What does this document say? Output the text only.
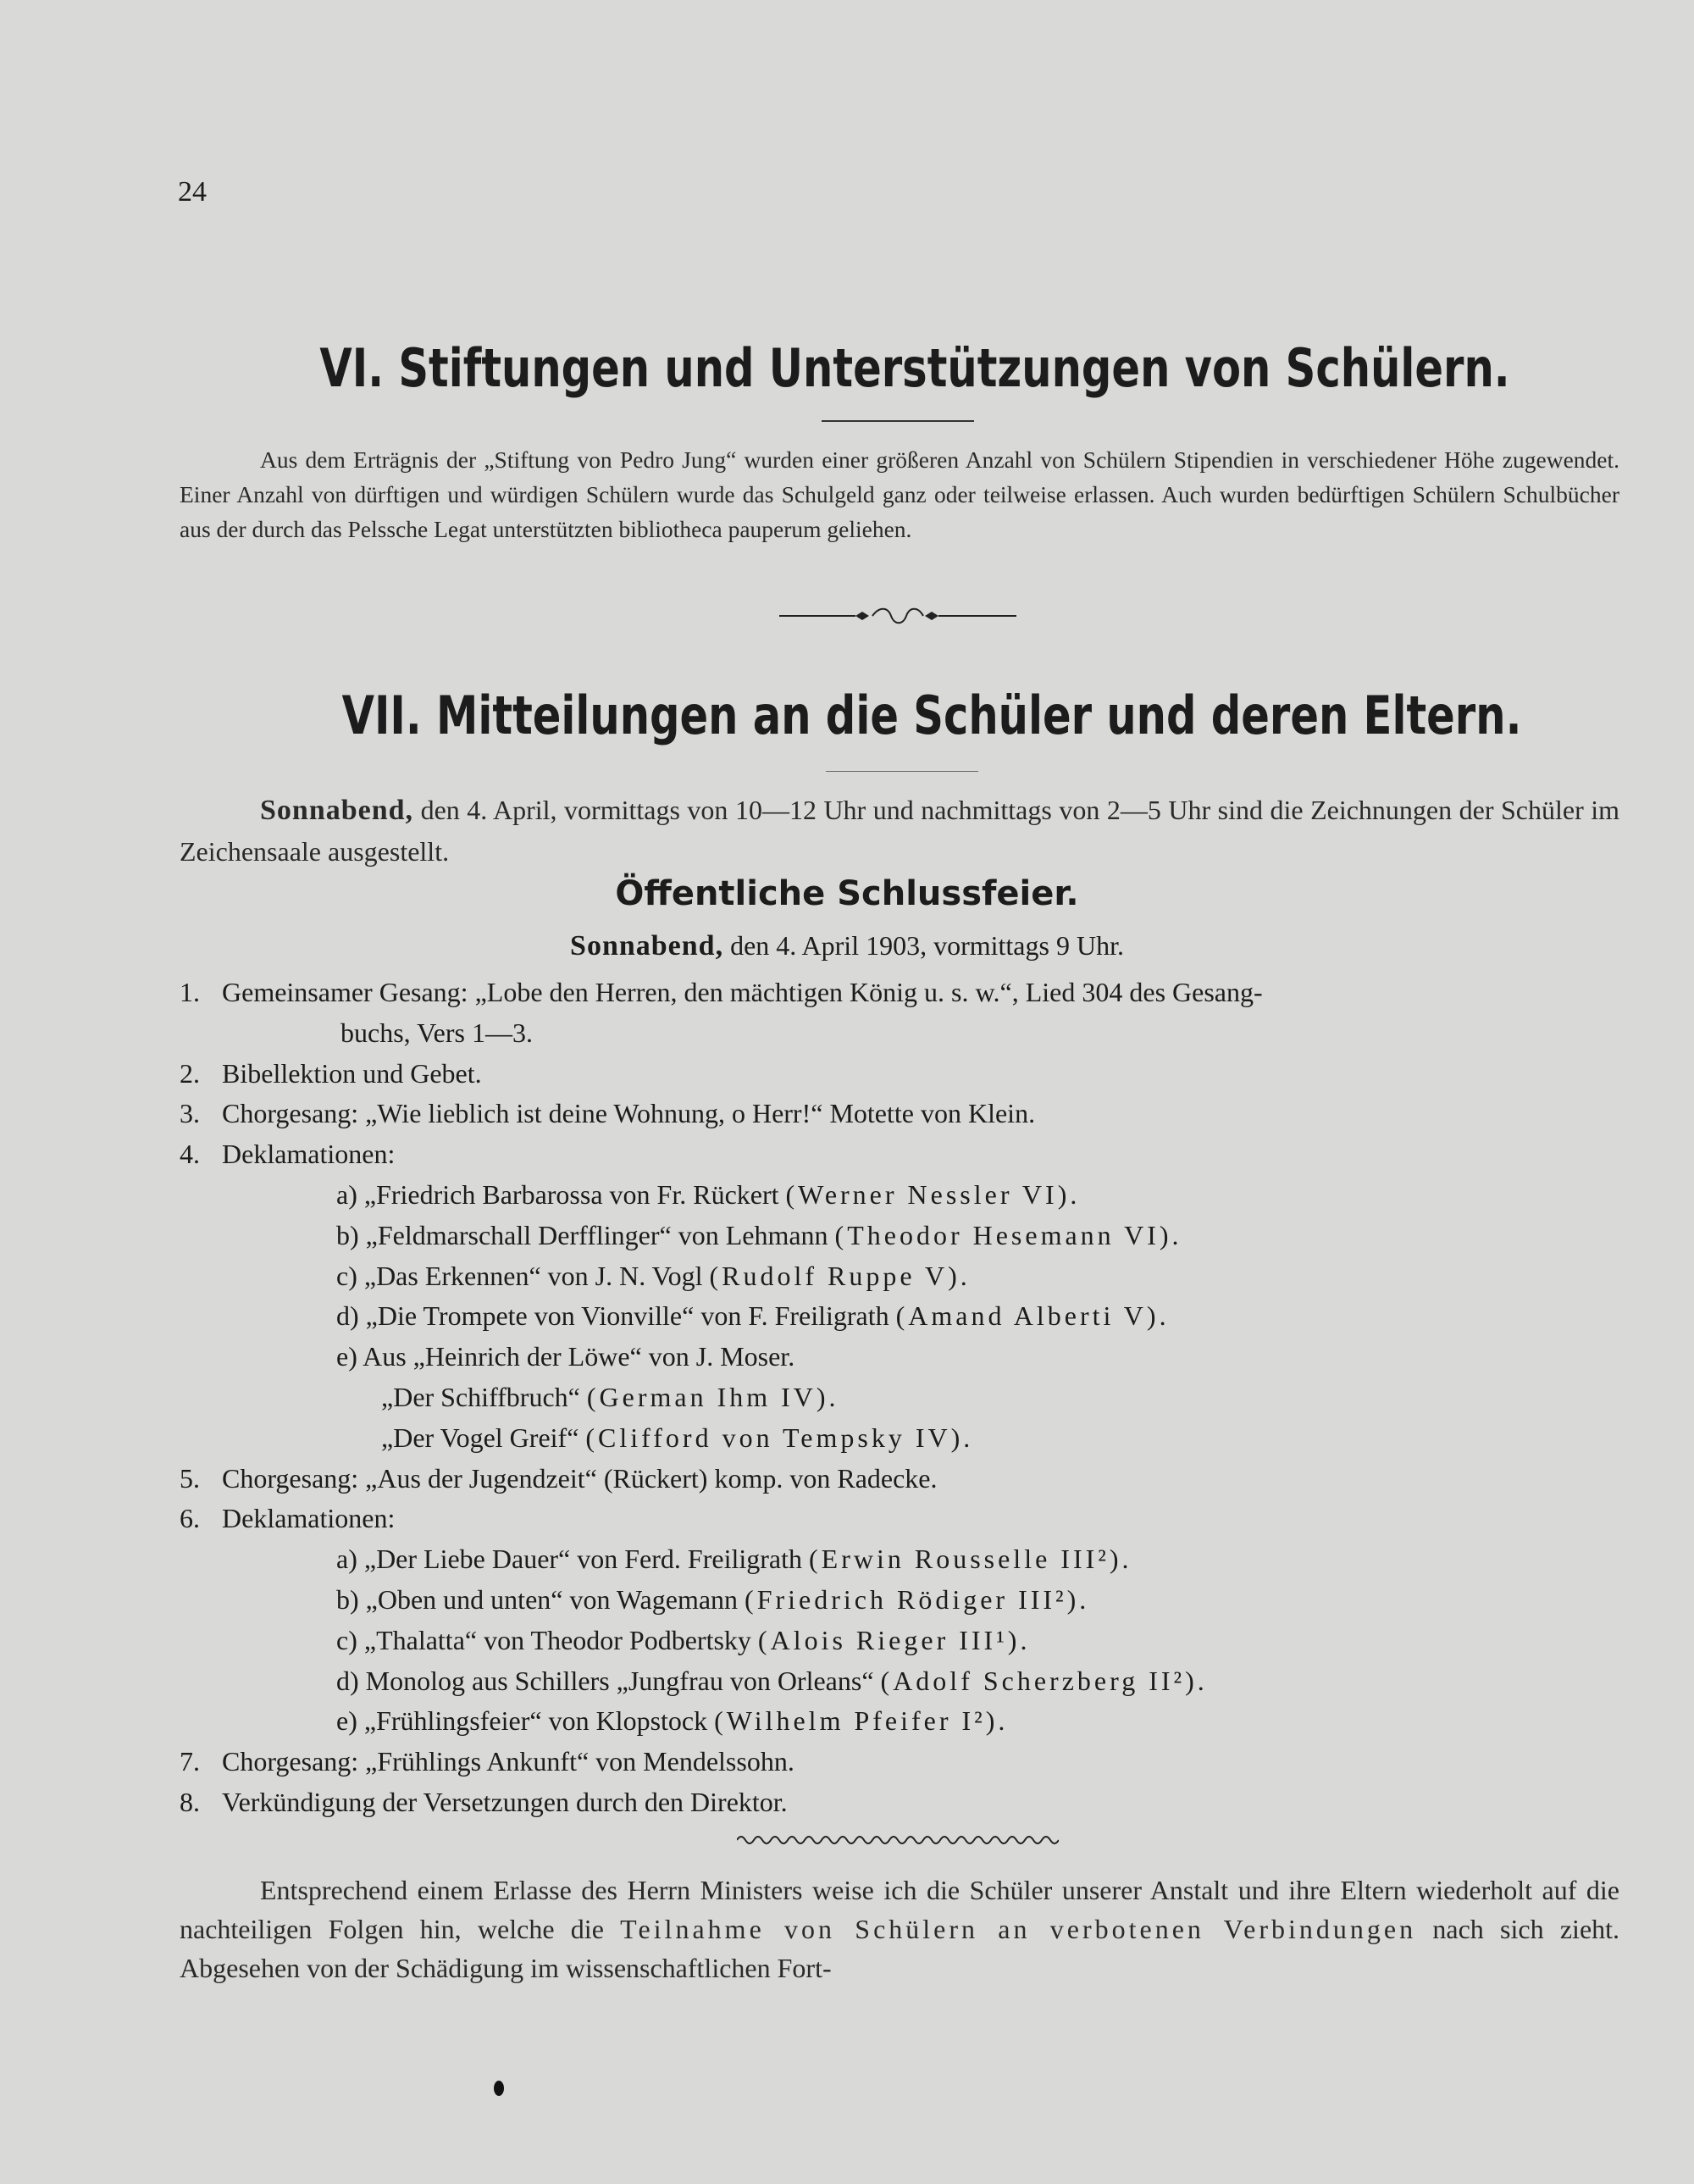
24
VI. Stiftungen und Unterstützungen von Schülern.
Aus dem Erträgnis der „Stiftung von Pedro Jung“ wurden einer größeren Anzahl von Schülern Stipendien in verschiedener Höhe zugewendet. Einer Anzahl von dürftigen und würdigen Schülern wurde das Schulgeld ganz oder teilweise erlassen. Auch wurden bedürftigen Schülern Schulbücher aus der durch das Pelssche Legat unterstützten bibliotheca pauperum geliehen.
VII. Mitteilungen an die Schüler und deren Eltern.
Sonnabend, den 4. April, vormittags von 10—12 Uhr und nachmittags von 2—5 Uhr sind die Zeichnungen der Schüler im Zeichensaale ausgestellt.
Öffentliche Schlussfeier.
Sonnabend, den 4. April 1903, vormittags 9 Uhr.
1. Gemeinsamer Gesang: „Lobe den Herren, den mächtigen König u. s. w.“, Lied 304 des Gesang-
buchs, Vers 1—3.
2. Bibellektion und Gebet.
3. Chorgesang: „Wie lieblich ist deine Wohnung, o Herr!“ Motette von Klein.
4. Deklamationen:
a) „Friedrich Barbarossa von Fr. Rückert (Werner Nessler VI).
b) „Feldmarschall Derfflinger“ von Lehmann (Theodor Hesemann VI).
c) „Das Erkennen“ von J. N. Vogl (Rudolf Ruppe V).
d) „Die Trompete von Vionville“ von F. Freiligrath (Amand Alberti V).
e) Aus „Heinrich der Löwe“ von J. Moser.
„Der Schiffbruch“ (German Ihm IV).
„Der Vogel Greif“ (Clifford von Tempsky IV).
5. Chorgesang: „Aus der Jugendzeit“ (Rückert) komp. von Radecke.
6. Deklamationen:
a) „Der Liebe Dauer“ von Ferd. Freiligrath (Erwin Rousselle III²).
b) „Oben und unten“ von Wagemann (Friedrich Rödiger III²).
c) „Thalatta“ von Theodor Podbertsky (Alois Rieger III¹).
d) Monolog aus Schillers „Jungfrau von Orleans“ (Adolf Scherzberg II²).
e) „Frühlingsfeier“ von Klopstock (Wilhelm Pfeifer I²).
7. Chorgesang: „Frühlings Ankunft“ von Mendelssohn.
8. Verkündigung der Versetzungen durch den Direktor.
Entsprechend einem Erlasse des Herrn Ministers weise ich die Schüler unserer Anstalt und ihre Eltern wiederholt auf die nachteiligen Folgen hin, welche die Teilnahme von Schülern an verbotenen Verbindungen nach sich zieht. Abgesehen von der Schädigung im wissenschaftlichen Fort-
